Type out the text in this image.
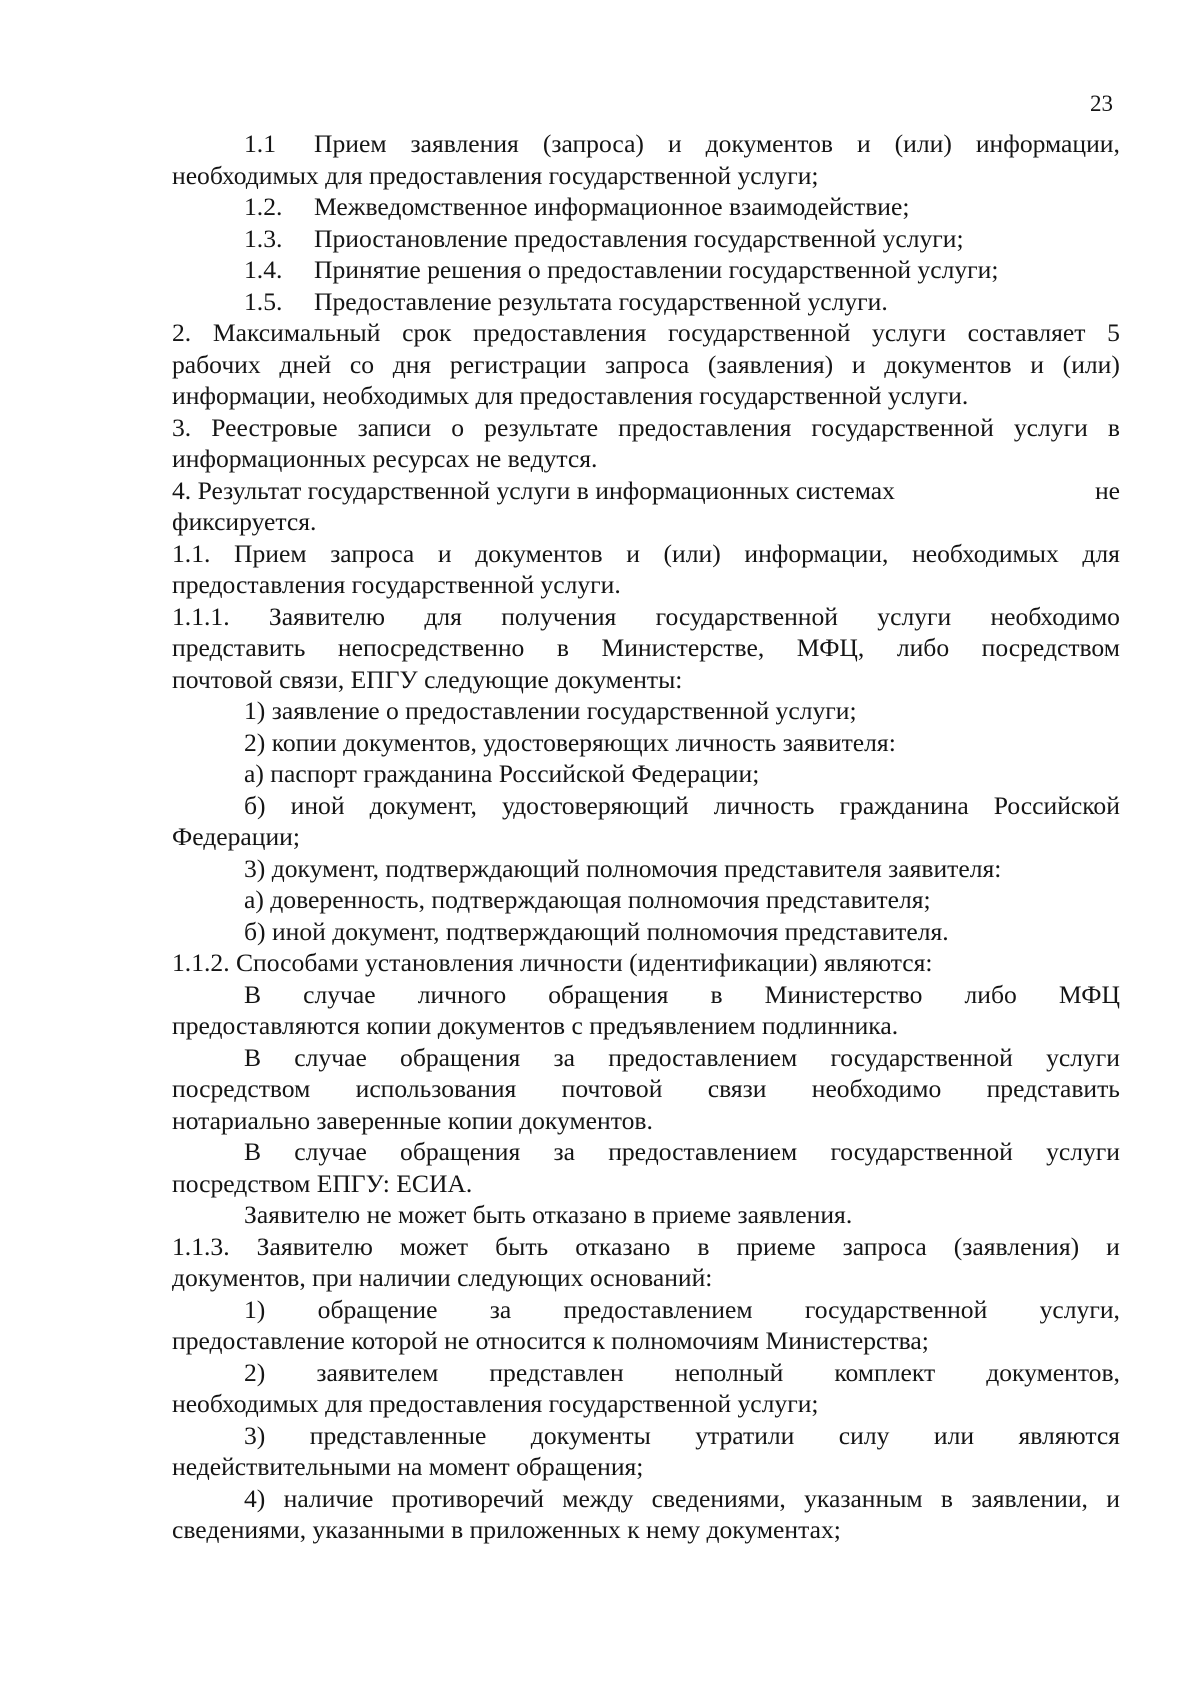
23
1.1	Прием заявления (запроса) и документов и (или) информации,
необходимых для предоставления государственной услуги;
1.2.	Межведомственное информационное взаимодействие;
1.3.	Приостановление предоставления государственной услуги;
1.4.	Принятие решения о предоставлении государственной услуги;
1.5.	Предоставление результата государственной услуги.
2. Максимальный срок предоставления государственной услуги составляет 5
рабочих дней со дня регистрации запроса (заявления) и документов и (или)
информации, необходимых для предоставления государственной услуги.
3. Реестровые записи о результате предоставления государственной услуги в
информационных ресурсах не ведутся.
4. Результат государственной услуги в информационных системах	не
фиксируется.
1.1. Прием запроса и документов и (или) информации, необходимых для
предоставления государственной услуги.
1.1.1. Заявителю для получения государственной услуги необходимо
представить непосредственно в Министерстве, МФЦ, либо посредством
почтовой связи, ЕПГУ следующие документы:
1) заявление о предоставлении государственной услуги;
2) копии документов, удостоверяющих личность заявителя:
а) паспорт гражданина Российской Федерации;
б) иной документ, удостоверяющий личность гражданина Российской
Федерации;
3) документ, подтверждающий полномочия представителя заявителя:
а) доверенность, подтверждающая полномочия представителя;
б) иной документ, подтверждающий полномочия представителя.
1.1.2. Способами установления личности (идентификации) являются:
В случае личного обращения в Министерство либо МФЦ
предоставляются копии документов с предъявлением подлинника.
В случае обращения за предоставлением государственной услуги
посредством использования почтовой связи необходимо представить
нотариально заверенные копии документов.
В случае обращения за предоставлением государственной услуги
посредством ЕПГУ: ЕСИА.
Заявителю не может быть отказано в приеме заявления.
1.1.3. Заявителю может быть отказано в приеме запроса (заявления) и
документов, при наличии следующих оснований:
1) обращение за предоставлением государственной услуги,
предоставление которой не относится к полномочиям Министерства;
2) заявителем представлен неполный комплект документов,
необходимых для предоставления государственной услуги;
3) представленные документы утратили силу или являются
недействительными на момент обращения;
4) наличие противоречий между сведениями, указанным в заявлении, и
сведениями, указанными в приложенных к нему документах;
